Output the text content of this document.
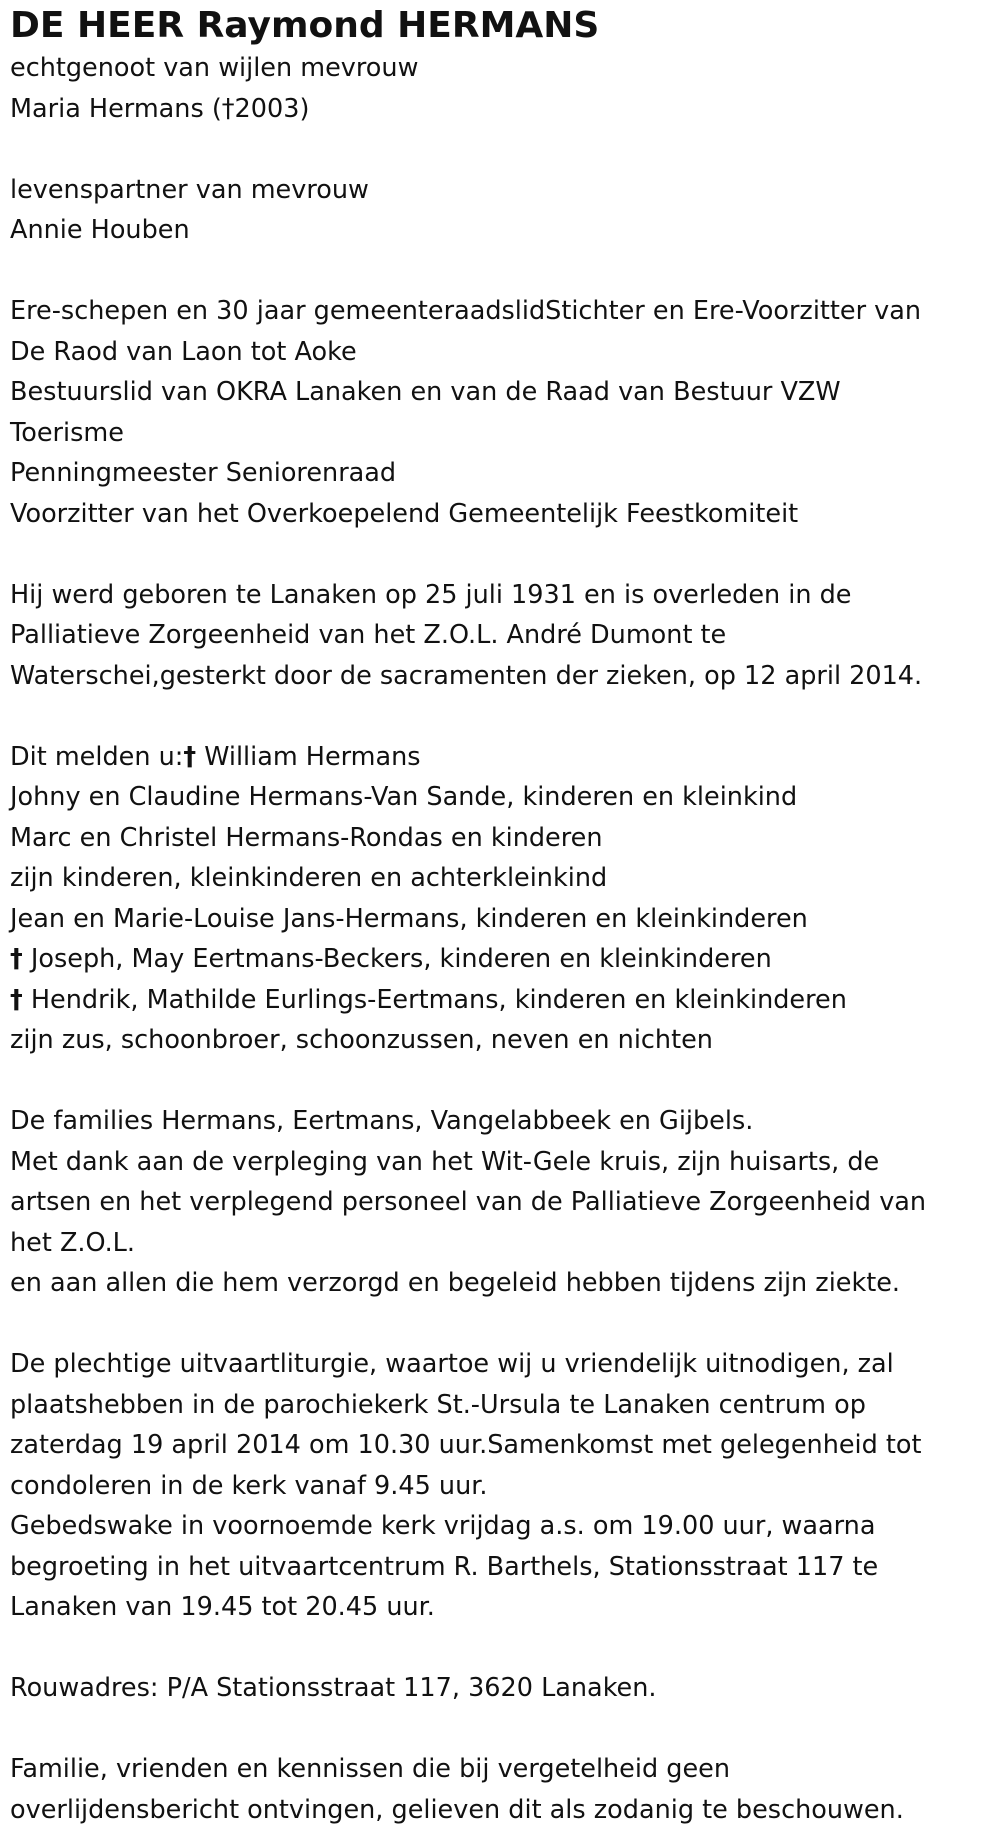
DE HEER Raymond HERMANS
echtgenoot van wijlen mevrouw
Maria Hermans (†2003)
levenspartner van mevrouw
Annie Houben
Ere-schepen en 30 jaar gemeenteraadslidStichter en Ere-Voorzitter van
De Raod van Laon tot Aoke
Bestuurslid van OKRA Lanaken en van de Raad van Bestuur VZW
Toerisme
Penningmeester Seniorenraad
Voorzitter van het Overkoepelend Gemeentelijk Feestkomiteit
Hij werd geboren te Lanaken op 25 juli 1931 en is overleden in de
Palliatieve Zorgeenheid van het Z.O.L. André Dumont te
Waterschei,gesterkt door de sacramenten der zieken, op 12 april 2014.
Dit melden u:† William Hermans
Johny en Claudine Hermans-Van Sande, kinderen en kleinkind
Marc en Christel Hermans-Rondas en kinderen
zijn kinderen, kleinkinderen en achterkleinkind
Jean en Marie-Louise Jans-Hermans, kinderen en kleinkinderen
† Joseph, May Eertmans-Beckers, kinderen en kleinkinderen
† Hendrik, Mathilde Eurlings-Eertmans, kinderen en kleinkinderen
zijn zus, schoonbroer, schoonzussen, neven en nichten
De families Hermans, Eertmans, Vangelabbeek en Gijbels.
Met dank aan de verpleging van het Wit-Gele kruis, zijn huisarts, de
artsen en het verplegend personeel van de Palliatieve Zorgeenheid van
het Z.O.L.
en aan allen die hem verzorgd en begeleid hebben tijdens zijn ziekte.
De plechtige uitvaartliturgie, waartoe wij u vriendelijk uitnodigen, zal
plaatshebben in de parochiekerk St.-Ursula te Lanaken centrum op
zaterdag 19 april 2014 om 10.30 uur.Samenkomst met gelegenheid tot
condoleren in de kerk vanaf 9.45 uur.
Gebedswake in voornoemde kerk vrijdag a.s. om 19.00 uur, waarna
begroeting in het uitvaartcentrum R. Barthels, Stationsstraat 117 te
Lanaken van 19.45 tot 20.45 uur.
Rouwadres: P/A Stationsstraat 117, 3620 Lanaken.
Familie, vrienden en kennissen die bij vergetelheid geen
overlijdensbericht ontvingen, gelieven dit als zodanig te beschouwen.
